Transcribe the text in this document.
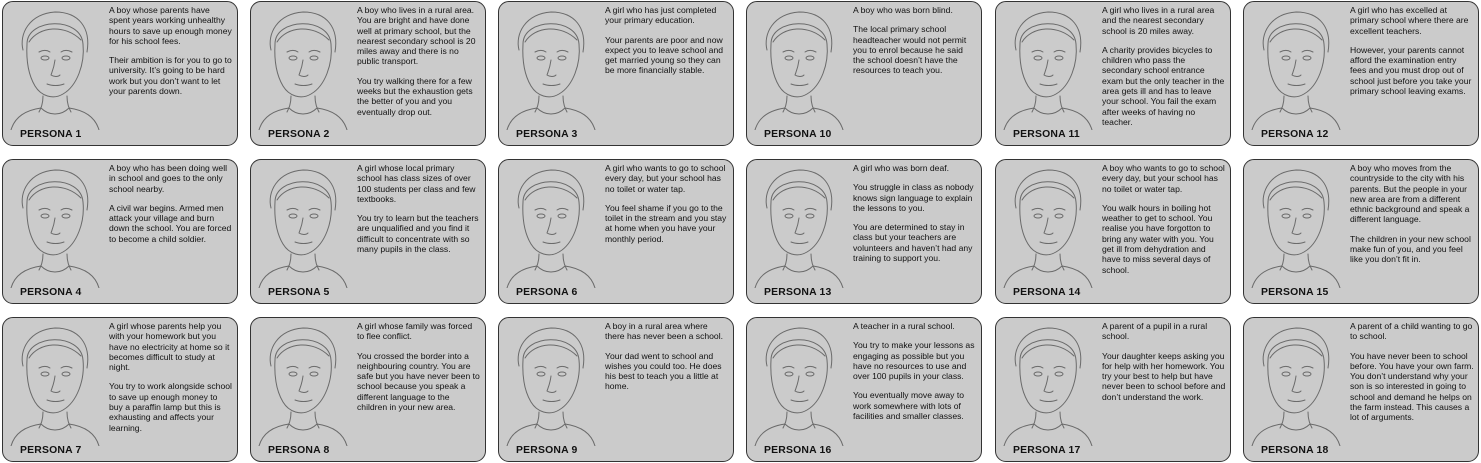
A boy whose parents have spent years working unhealthy hours to save up enough money for his school fees.

Their ambition is for you to go to university. It’s going to be hard work but you don’t want to let your parents down.

PERSONA 1

A boy who lives in a rural area. You are bright and have done well at primary school, but the nearest secondary school is 20 miles away and there is no public transport.

You try walking there for a few weeks but the exhaustion gets the better of you and you eventually drop out.

PERSONA 2

A girl who has just completed your primary education.

Your parents are poor and now expect you to leave school and get married young so they can be more financially stable.

PERSONA 3

A boy who was born blind.

The local primary school headteacher would not permit you to enrol because he said the school doesn’t have the resources to teach you.

PERSONA 10

A girl who lives in a rural area and the nearest secondary school is 20 miles away.

A charity provides bicycles to children who pass the secondary school entrance exam but the only teacher in the area gets ill and has to leave your school. You fail the exam after weeks of having no teacher.

PERSONA 11

A girl who has excelled at primary school where there are excellent teachers.

However, your parents cannot afford the examination entry fees and you must drop out of school just before you take your primary school leaving exams.

PERSONA 12

A boy who has been doing well in school and goes to the only school nearby.

A civil war begins. Armed men attack your village and burn down the school. You are forced to become a child soldier.

PERSONA 4

A girl whose local primary school has class sizes of over 100 students per class and few textbooks.

You try to learn but the teachers are unqualified and you find it difficult to concentrate with so many pupils in the class.

PERSONA 5

A girl who wants to go to school every day, but your school has no toilet or water tap.

You feel shame if you go to the toilet in the stream and you stay at home when you have your monthly period.

PERSONA 6

A girl who was born deaf.

You struggle in class as nobody knows sign language to explain the lessons to you.

You are determined to stay in class but your teachers are volunteers and haven’t had any training to support you.

PERSONA 13

A boy who wants to go to school every day, but your school has no toilet or water tap.

You walk hours in boiling hot weather to get to school. You realise you have forgotton to bring any water with you. You get ill from dehydration and have to miss several days of school.

PERSONA 14

A boy who moves from the countryside to the city with his parents. But the people in your new area are from a different ethnic background and speak a different language.

The children in your new school make fun of you, and you feel like you don’t fit in.

PERSONA 15

A girl whose parents help you with your homework but you have no electricity at home so it becomes difficult to study at night.

You try to work alongside school to save up enough money to buy a paraffin lamp but this is exhausting and affects your learning.

PERSONA 7

A girl whose family was forced to flee conflict.

You crossed the border into a neighbouring country. You are safe but you have never been to school because you speak a different language to the children in your new area.

PERSONA 8

A boy in a rural area where there has never been a school.

Your dad went to school and wishes you could too. He does his best to teach you a little at home.

PERSONA 9

A teacher in a rural school.

You try to make your lessons as engaging as possible but you have no resources to use and over 100 pupils in your class.

You eventually move away to work somewhere with lots of facilities and smaller classes.

PERSONA 16

A parent of a pupil in a rural school.

Your daughter keeps asking you for help with her homework. You try your best to help but have never been to school before and don’t understand the work.

PERSONA 17

A parent of a child wanting to go to school.

You have never been to school before. You have your own farm. You don’t understand why your son is so interested in going to school and demand he helps on the farm instead. This causes a lot of arguments.

PERSONA 18
